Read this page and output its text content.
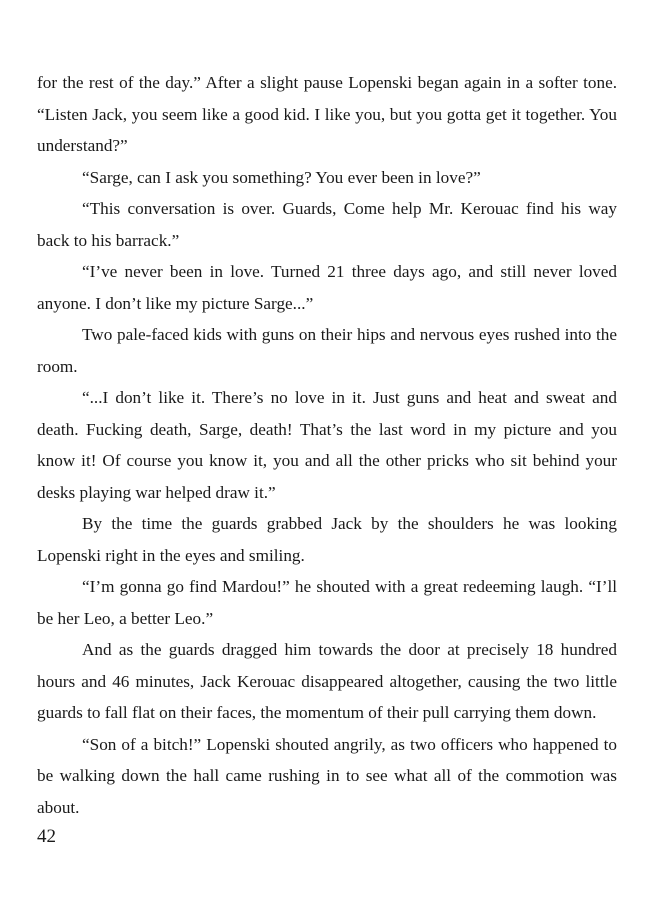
for the rest of the day.” After a slight pause Lopenski began again in a softer tone. “Listen Jack, you seem like a good kid. I like you, but you gotta get it together. You understand?”

“Sarge, can I ask you something? You ever been in love?”

“This conversation is over. Guards, Come help Mr. Kerouac find his way back to his barrack.”

“I’ve never been in love. Turned 21 three days ago, and still never loved anyone. I don’t like my picture Sarge...”

Two pale-faced kids with guns on their hips and nervous eyes rushed into the room.

“...I don’t like it. There’s no love in it. Just guns and heat and sweat and death. Fucking death, Sarge, death! That’s the last word in my picture and you know it! Of course you know it, you and all the other pricks who sit behind your desks playing war helped draw it.”

By the time the guards grabbed Jack by the shoulders he was looking Lopenski right in the eyes and smiling.

“I’m gonna go find Mardou!” he shouted with a great redeeming laugh. “I’ll be her Leo, a better Leo.”

And as the guards dragged him towards the door at precisely 18 hundred hours and 46 minutes, Jack Kerouac disappeared altogether, causing the two little guards to fall flat on their faces, the momentum of their pull carrying them down.

“Son of a bitch!” Lopenski shouted angrily, as two officers who happened to be walking down the hall came rushing in to see what all of the commotion was about.

42
